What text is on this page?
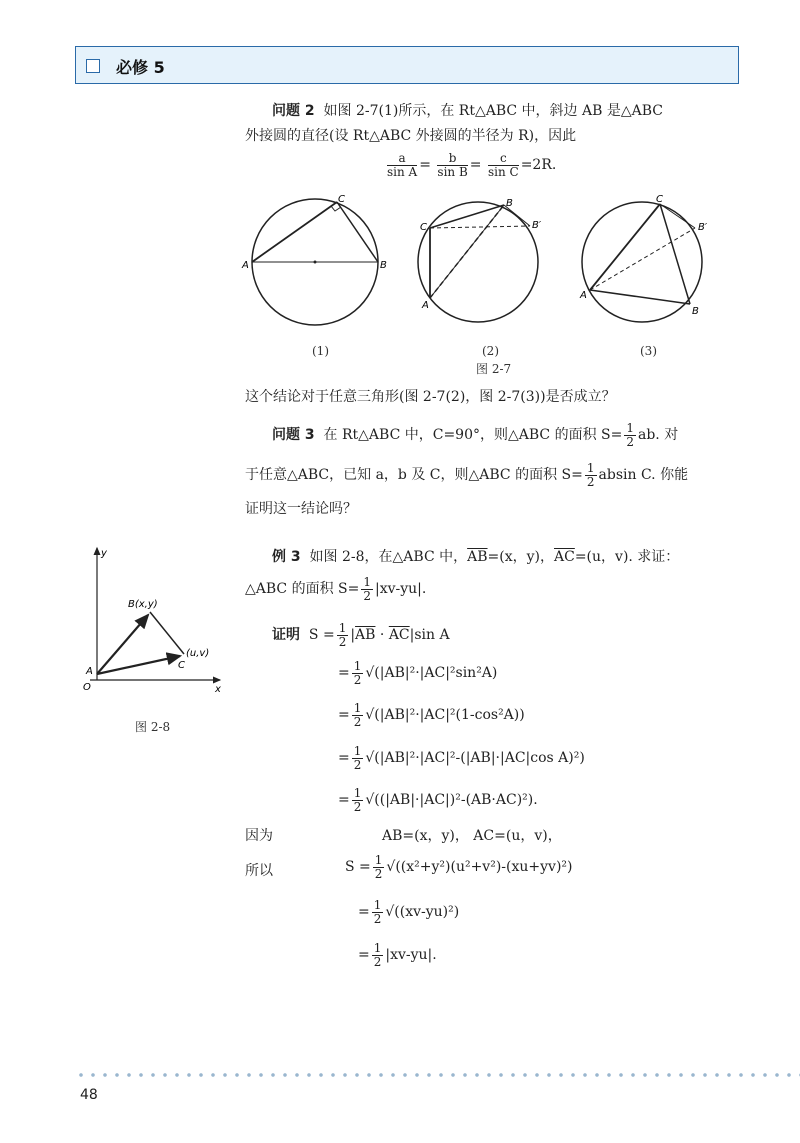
必修 5
问题 2 如图 2-7(1)所示，在 Rt△ABC 中，斜边 AB 是△ABC
外接圆的直径(设 Rt△ABC 外接圆的半径为 R)，因此
$\frac{a}{\text{sin A}} = \frac{b}{\text{sin B}} = \frac{c}{\text{sin C}} =2R$.
A
C
B
C
B
B′
A
C
A
B
B′
(1)	(2)	(3)
图 2-7
这个结论对于任意三角形(图 2-7(2)，图 2-7(3))是否成立？
问题 3 在 Rt△ABC 中，C=90°，则△ABC 的面积 $S= \frac{1}{2}$ ab. 对
于任意△ABC，已知 a，b 及 C，则△ABC 的面积 $S= \frac{1}{2}$ absin C. 你能
证明这一结论吗？
y
x
O
A
B(x,y)
C
(u,v)
图 2-8
例 3 如图 2-8，在△ABC 中，$\overline{AB}=(x$，y)，$\overline{AC}=(u$，v). 求证：
△ABC 的面积 $S= \frac{1}{2} |xv-yu|$.
证明 $S = \frac{1}{2} |\overline{AB} \cdot \overline{AC}|\sin$ A
= $\frac{1}{2} √(|AB|^2\cdot|AC|^2\sin^2A)$
= $\frac{1}{2} √(|AB|^2\cdot|AC|^2(1-\cos^2A))$
= $\frac{1}{2} √(|AB|^2\cdot|AC|^2-(|AB|\cdot|AC|\cos$ A)²)
= $\frac{1}{2} √((|AB|\cdot|AC|)^2-(AB\cdot AC)^2)$.
因为	AB=(x，y)， AC=(u，v)，
所以	$S = \frac{1}{2} √((x^2+y^2)(u^2+v^2)-(xu+yv)^2)$
= $\frac{1}{2} √((xv-yu)^2)$
= $\frac{1}{2} |xv-yu|$.
48
